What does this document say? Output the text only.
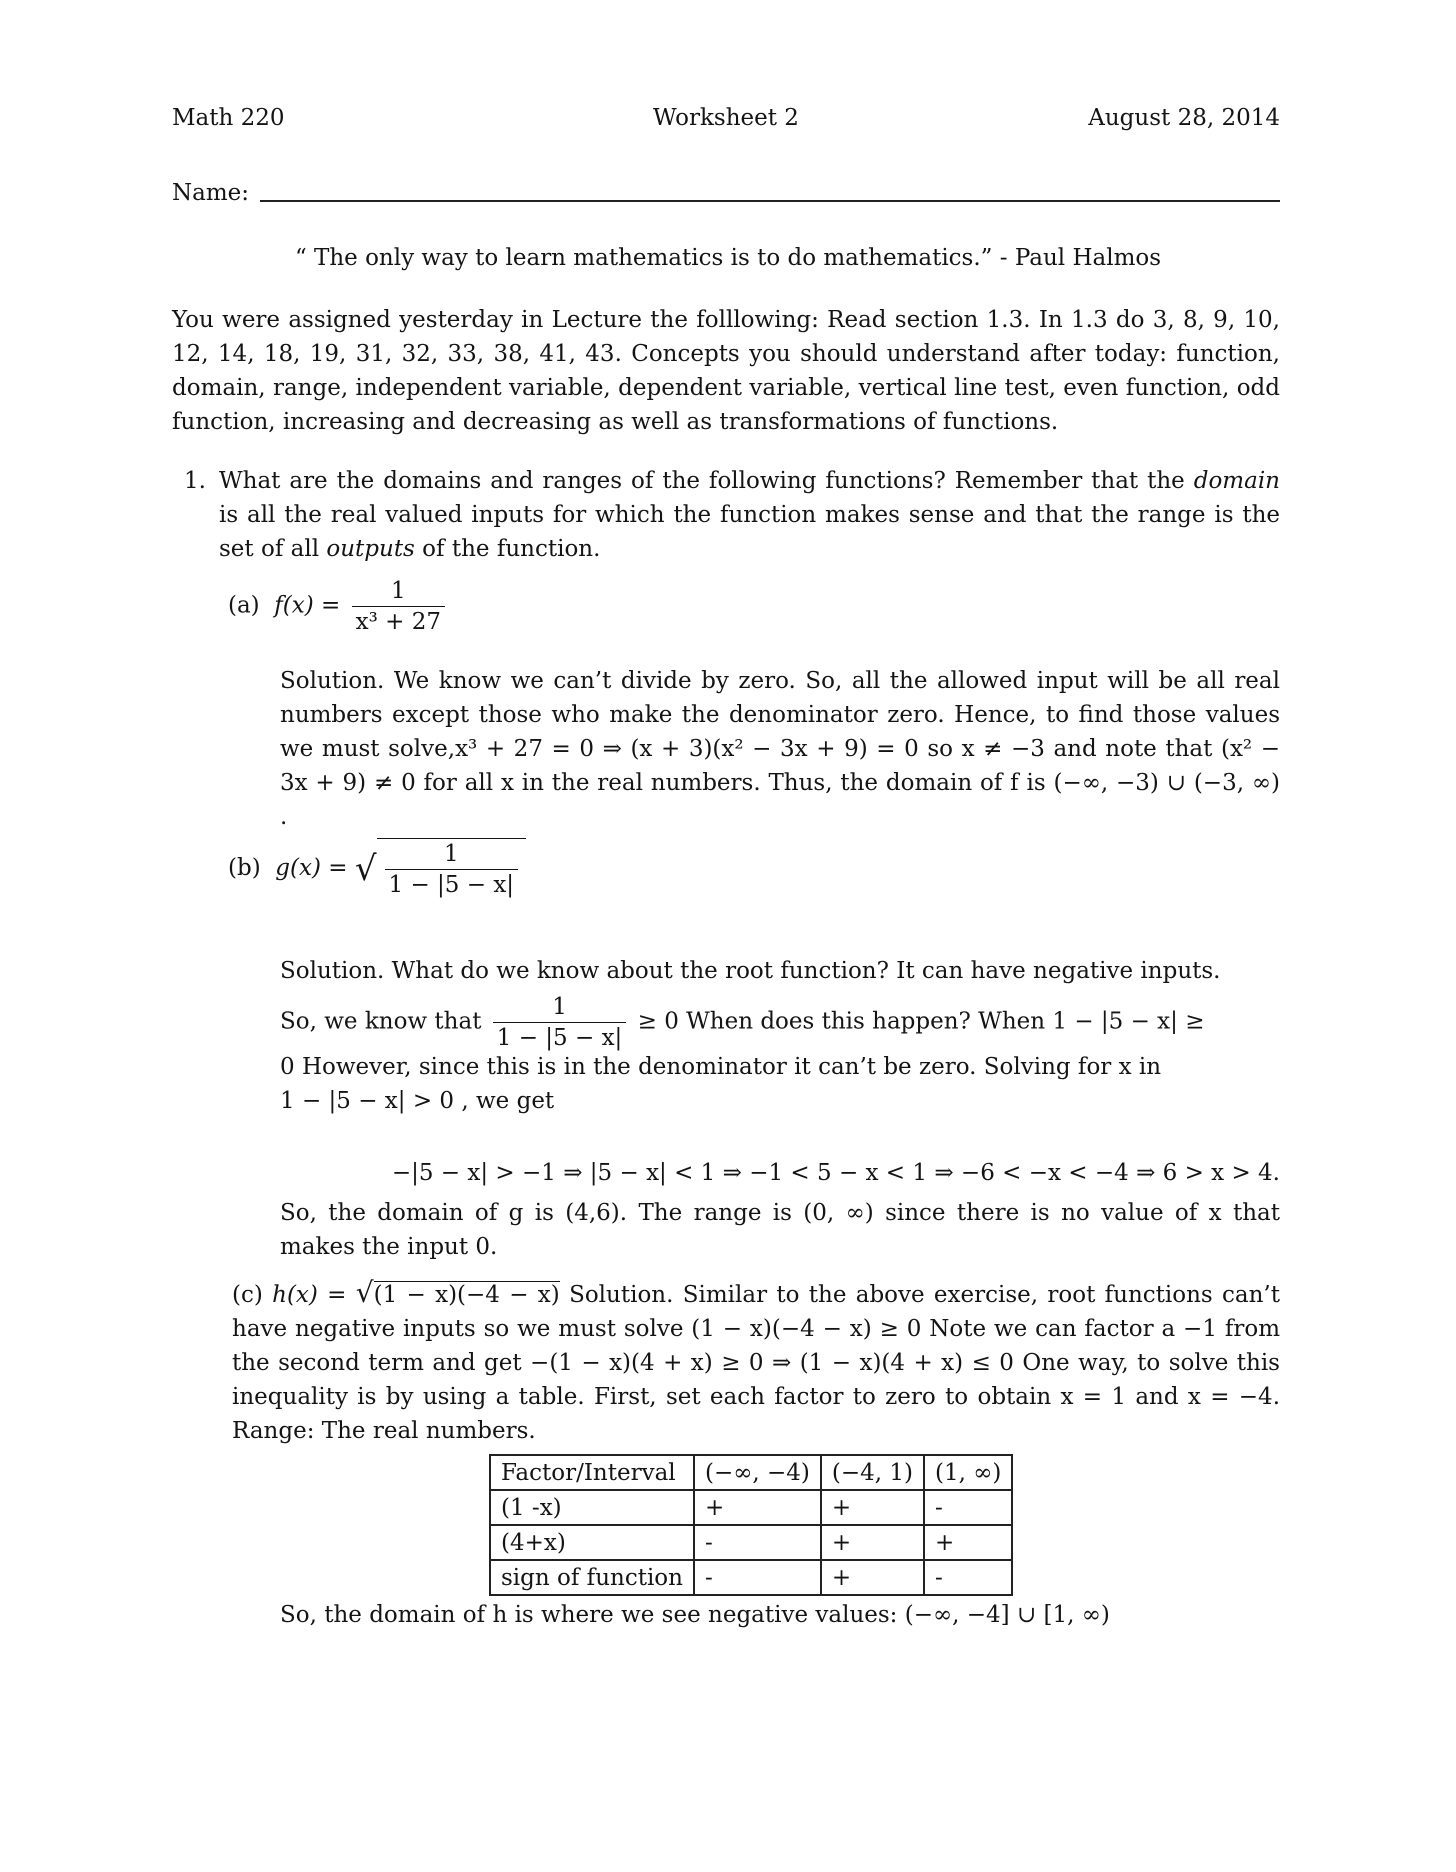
Math 220	Worksheet 2	August 28, 2014
Name:
“ The only way to learn mathematics is to do mathematics.” - Paul Halmos
You were assigned yesterday in Lecture the folllowing: Read section 1.3. In 1.3 do 3, 8, 9, 10, 12, 14, 18, 19, 31, 32, 33, 38, 41, 43. Concepts you should understand after today: function, domain, range, independent variable, dependent variable, vertical line test, even function, odd function, increasing and decreasing as well as transformations of functions.
1. What are the domains and ranges of the following functions? Remember that the domain is all the real valued inputs for which the function makes sense and that the range is the set of all outputs of the function.
(a) $f(x) = \frac{1}{\text{x³ + 27}}$
Solution. We know we can’t divide by zero. So, all the allowed input will be all real numbers except those who make the denominator zero. Hence, to find those values we must solve,x³ + 27 = 0 ⇒ (x + 3)(x² − 3x + 9) = 0 so x ≠ −3 and note that (x² − 3x + 9) ≠ 0 for all x in the real numbers. Thus, the domain of f is (−∞, −3) ∪ (−3, ∞) .
(b) g(x) = √ $\frac{1}{1 - |5 - x|}$
Solution. What do we know about the root function? It can have negative inputs.
So, we know that $\frac{1}{1 - |5 - x|} \ge 0$ When does this happen? When 1 − |5 − x| ≥
0 However, since this is in the denominator it can’t be zero. Solving for x in
1 − |5 − x| > 0 , we get
−|5 − x| > −1 ⇒ |5 − x| < 1 ⇒ −1 < 5 − x < 1 ⇒ −6 < −x < −4 ⇒ 6 > x > 4.
So, the domain of g is (4,6). The range is (0, ∞) since there is no value of x that makes the input 0.
(c) h(x) = √(1 − x)(−4 − x) Solution. Similar to the above exercise, root functions can’t have negative inputs so we must solve (1 − x)(−4 − x) ≥ 0 Note we can factor a −1 from the second term and get −(1 − x)(4 + x) ≥ 0 ⇒ (1 − x)(4 + x) ≤ 0 One way, to solve this inequality is by using a table. First, set each factor to zero to obtain x = 1 and x = −4. Range: The real numbers.
Factor/Interval	(−∞, −4)	(−4, 1)	(1, ∞)
(1 -x)	+	+	-
(4+x)	-	+	+
sign of function	-	+	-
So, the domain of h is where we see negative values: (−∞, −4] ∪ [1, ∞)
